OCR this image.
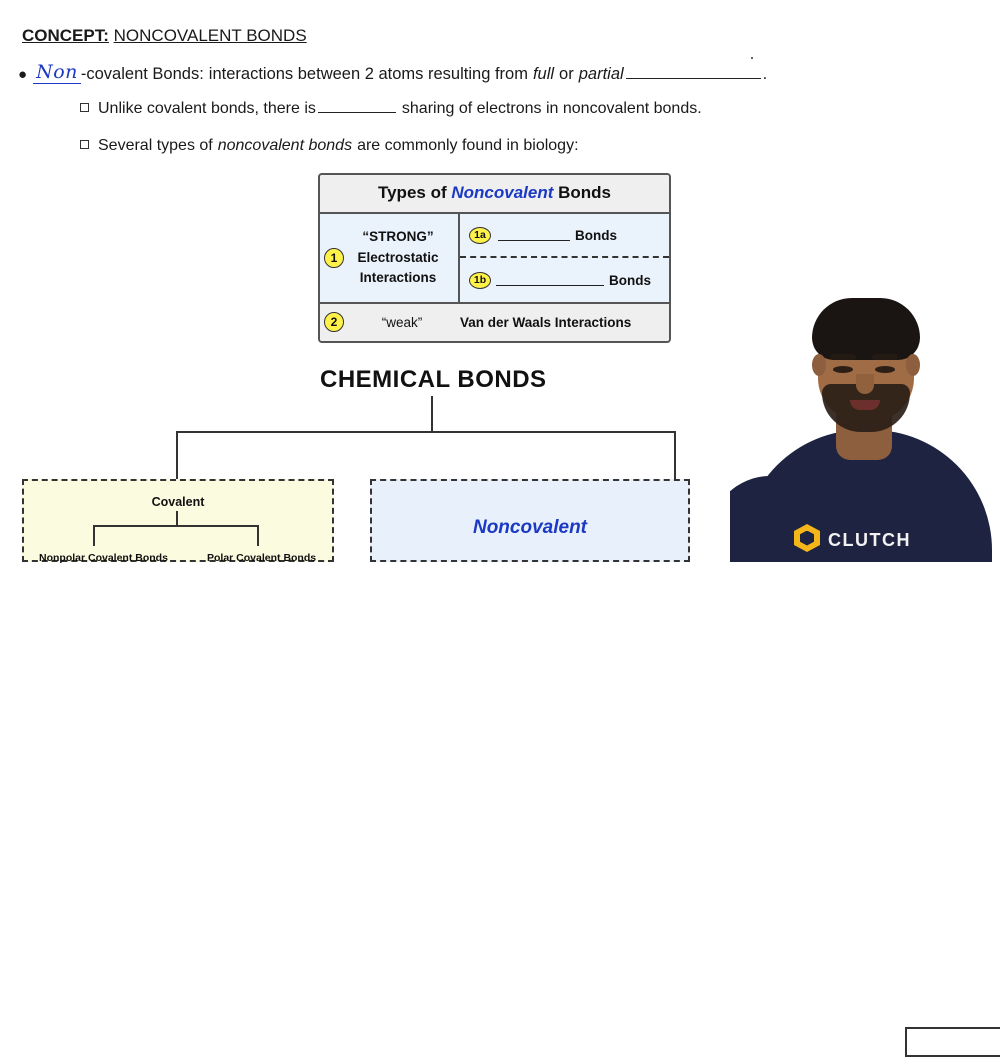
CONCEPT: NONCOVALENT BONDS
● Non -covalent Bonds : interactions between 2 atoms resulting from full or partial	.
Unlike covalent bonds, there is	sharing of electrons in noncovalent bonds.
Several types of noncovalent bonds are commonly found in biology:
Types of Noncovalent Bonds
1
“STRONG”
Electrostatic
Interactions
1a	Bonds
1b	Bonds
2	“weak”	Van der Waals Interactions
CHEMICAL BONDS
Covalent
Nonpolar Covalent Bonds	Polar Covalent Bonds
Noncovalent
CLUTCH
